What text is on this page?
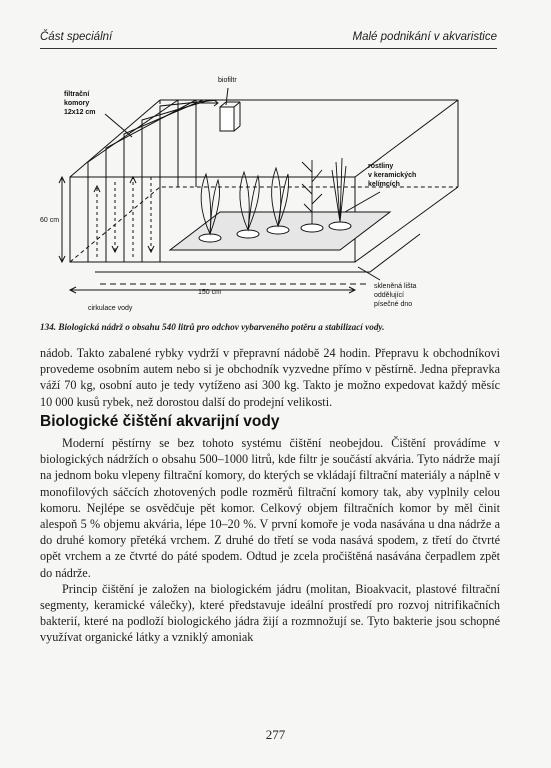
Část speciální	Malé podnikání v akvaristice
biofiltr
filtrační
komory
12x12 cm
60 cm
rostliny
v keramických
kelímcích
150 cm
cirkulace vody
skleněná lišta
oddělující
písečné dno
134. Biologická nádrž o obsahu 540 litrů pro odchov vybarveného potěru a stabilizací vody.

nádob. Takto zabalené rybky vydrží v přepravní nádobě 24 hodin. Přepravu k obchodníkovi provedeme osobním autem nebo si je obchodník vyzvedne přímo v pěstírně. Jedna přepravka váží 70 kg, osobní auto je tedy vytíženo asi 300 kg. Takto je možno expedovat každý měsíc 10 000 kusů rybek, než dorostou další do prodejní velikosti.

Biologické čištění akvarijní vody

Moderní pěstírny se bez tohoto systému čištění neobejdou. Čištění provádíme v biologických nádržích o obsahu 500–1000 litrů, kde filtr je součástí akvária. Tyto nádrže mají na jednom boku vlepeny filtrační komory, do kterých se vkládají filtrační materiály a náplně v monofilových sáčcích zhotovených podle rozměrů filtrační komory tak, aby vyplnily celou komoru. Nejlépe se osvědčuje pět komor. Celkový objem filtračních komor by měl činit alespoň 5 % objemu akvária, lépe 10–20 %. V první komoře je voda nasávána u dna nádrže a do druhé komory přetéká vrchem. Z druhé do třetí se voda nasává spodem, z třetí do čtvrté opět vrchem a ze čtvrté do páté spodem. Odtud je zcela pročištěná nasávána čerpadlem zpět do nádrže.

Princip čištění je založen na biologickém jádru (molitan, Bioakvacit, plastové filtrační segmenty, keramické válečky), které představuje ideální prostředí pro rozvoj nitrifikačních bakterií, které na podloží biologického jádra žijí a rozmnožují se. Tyto bakterie jsou schopné využívat organické látky a vzniklý amoniak

277
